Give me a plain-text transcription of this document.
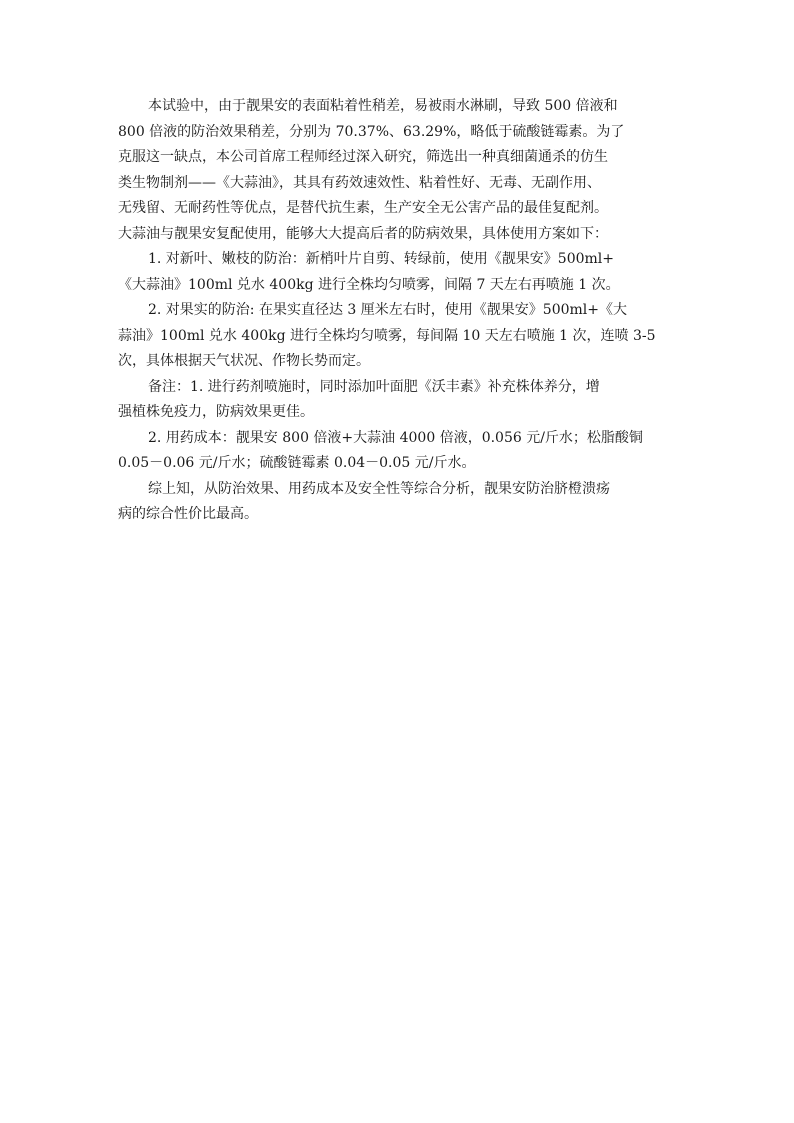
本试验中，由于靓果安的表面粘着性稍差，易被雨水淋刷，导致 500 倍液和
800 倍液的防治效果稍差，分别为 70.37%、63.29%，略低于硫酸链霉素。为了
克服这一缺点，本公司首席工程师经过深入研究，筛选出一种真细菌通杀的仿生
类生物制剂——《大蒜油》，其具有药效速效性、粘着性好、无毒、无副作用、
无残留、无耐药性等优点，是替代抗生素，生产安全无公害产品的最佳复配剂。
大蒜油与靓果安复配使用，能够大大提高后者的防病效果，具体使用方案如下：
1. 对新叶、嫩枝的防治：新梢叶片自剪、转绿前，使用《靓果安》500ml+
《大蒜油》100ml 兑水 400kg 进行全株均匀喷雾，间隔 7 天左右再喷施 1 次。
2. 对果实的防治: 在果实直径达 3 厘米左右时，使用《靓果安》500ml+《大
蒜油》100ml 兑水 400kg 进行全株均匀喷雾，每间隔 10 天左右喷施 1 次，连喷 3-5
次，具体根据天气状况、作物长势而定。
备注：1. 进行药剂喷施时，同时添加叶面肥《沃丰素》补充株体养分，增
强植株免疫力，防病效果更佳。
2. 用药成本：靓果安 800 倍液+大蒜油 4000 倍液，0.056 元/斤水；松脂酸铜
0.05－0.06 元/斤水；硫酸链霉素 0.04－0.05 元/斤水。
综上知，从防治效果、用药成本及安全性等综合分析，靓果安防治脐橙溃疡
病的综合性价比最高。
